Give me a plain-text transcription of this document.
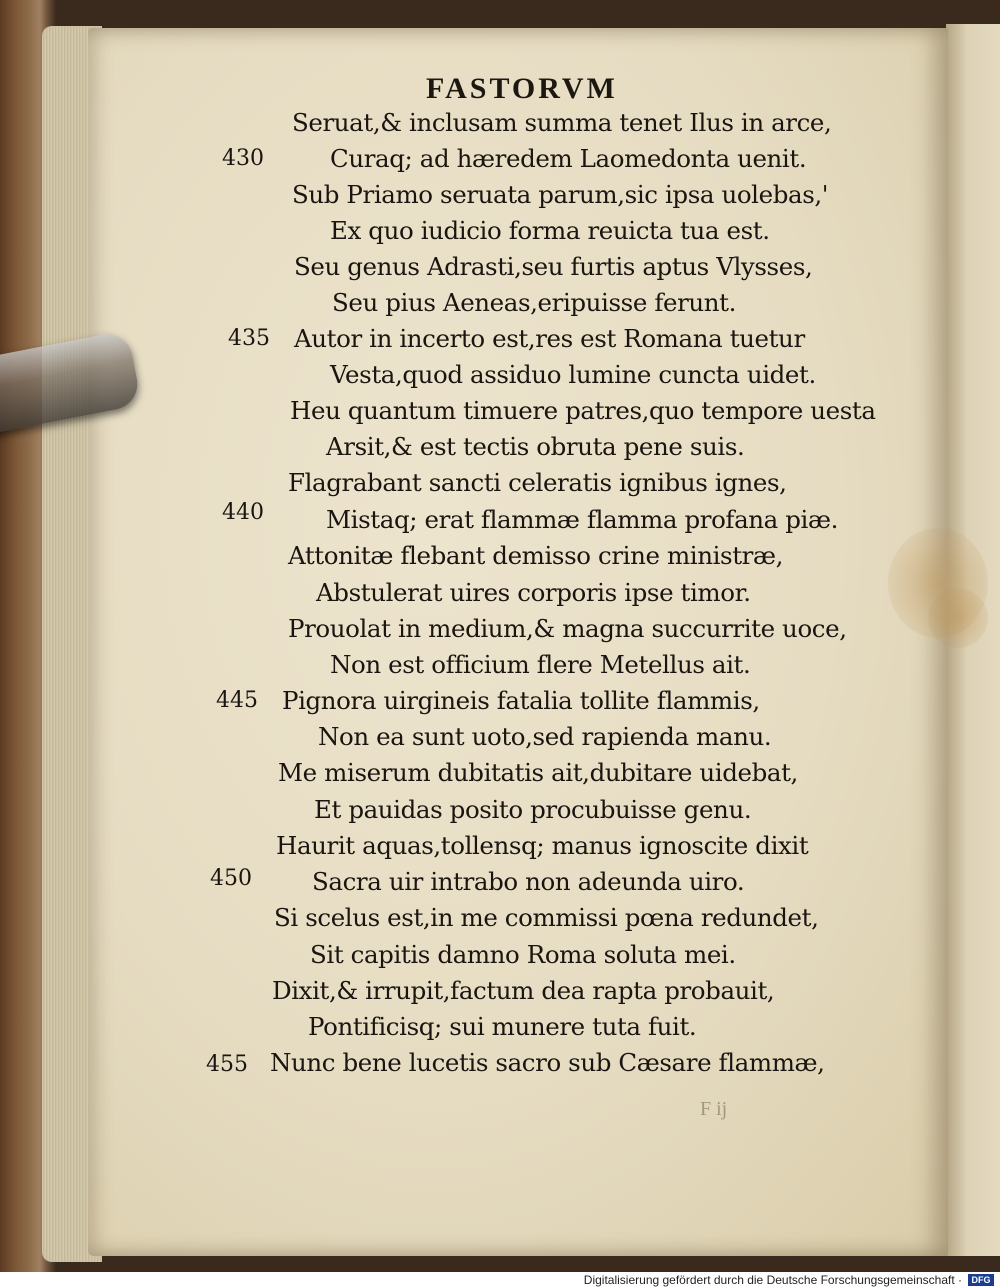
FASTORVM
Seruat,& inclusam summa tenet Ilus in arce,
Curaq; ad hæredem Laomedonta uenit.
430
Sub Priamo seruata parum,sic ipsa uolebas,'
Ex quo iudicio forma reuicta tua est.
Seu genus Adrasti,seu furtis aptus Vlysses,
Seu pius Aeneas,eripuisse ferunt.
Autor in incerto est,res est Romana tuetur
435
Vesta,quod assiduo lumine cuncta uidet.
Heu quantum timuere patres,quo tempore uesta
Arsit,& est tectis obruta pene suis.
Flagrabant sancti celeratis ignibus ignes,
Mistaq; erat flammæ flamma profana piæ.
440
Attonitæ flebant demisso crine ministræ,
Abstulerat uires corporis ipse timor.
Prouolat in medium,& magna succurrite uoce,
Non est officium flere Metellus ait.
Pignora uirgineis fatalia tollite flammis,
445
Non ea sunt uoto,sed rapienda manu.
Me miserum dubitatis ait,dubitare uidebat,
Et pauidas posito procubuisse genu.
Haurit aquas,tollensq; manus ignoscite dixit
Sacra uir intrabo non adeunda uiro.
450
Si scelus est,in me commissi pœna redundet,
Sit capitis damno Roma soluta mei.
Dixit,& irrupit,factum dea rapta probauit,
Pontificisq; sui munere tuta fuit.
Nunc bene lucetis sacro sub Cæsare flammæ,
455
F ij
Digitalisierung gefördert durch die Deutsche Forschungsgemeinschaft ·	DFG
